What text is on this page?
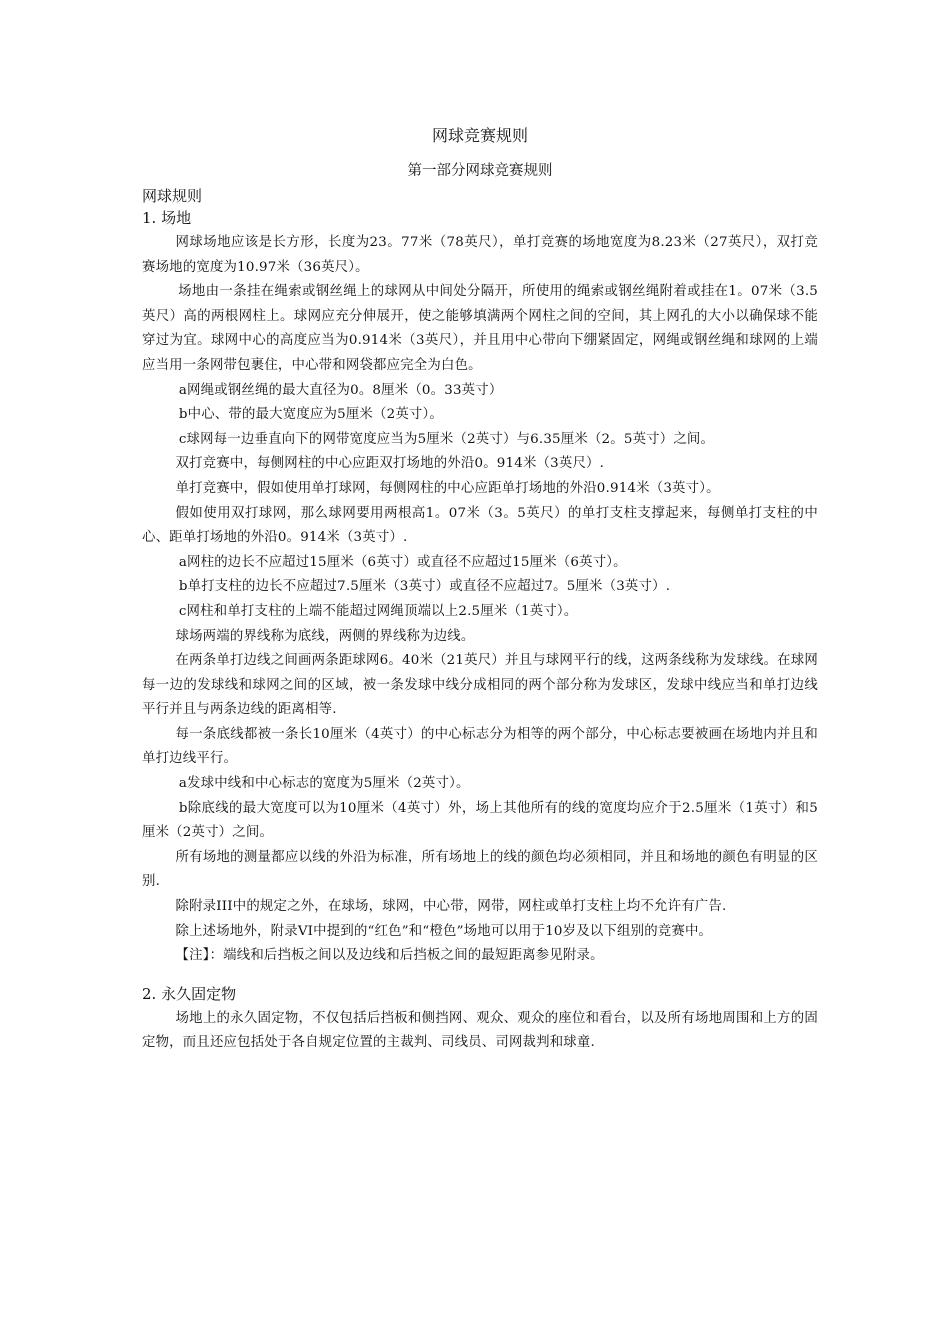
网球竞赛规则
第一部分网球竞赛规则
网球规则
1. 场地

网球场地应该是长方形，长度为23。77米（78英尺），单打竞赛的场地宽度为8.23米（27英尺），双打竞赛场地的宽度为10.97米（36英尺）。

场地由一条挂在绳索或钢丝绳上的球网从中间处分隔开，所使用的绳索或钢丝绳附着或挂在1。07米（3.5英尺）高的两根网柱上。球网应充分伸展开，使之能够填满两个网柱之间的空间，其上网孔的大小以确保球不能穿过为宜。球网中心的高度应当为0.914米（3英尺），并且用中心带向下绷紧固定，网绳或钢丝绳和球网的上端应当用一条网带包裹住，中心带和网袋都应完全为白色。

a网绳或钢丝绳的最大直径为0。8厘米（0。33英寸）

b中心、带的最大宽度应为5厘米（2英寸）。

c球网每一边垂直向下的网带宽度应当为5厘米（2英寸）与6.35厘米（2。5英寸）之间。

双打竞赛中，每侧网柱的中心应距双打场地的外沿0。914米（3英尺）.

单打竞赛中，假如使用单打球网，每侧网柱的中心应距单打场地的外沿0.914米（3英寸）。

假如使用双打球网，那么球网要用两根高1。07米（3。5英尺）的单打支柱支撑起来，每侧单打支柱的中心、距单打场地的外沿0。914米（3英寸）.

a网柱的边长不应超过15厘米（6英寸）或直径不应超过15厘米（6英寸）。

b单打支柱的边长不应超过7.5厘米（3英寸）或直径不应超过7。5厘米（3英寸）.

c网柱和单打支柱的上端不能超过网绳顶端以上2.5厘米（1英寸）。

球场两端的界线称为底线，两侧的界线称为边线。

在两条单打边线之间画两条距球网6。40米（21英尺）并且与球网平行的线，这两条线称为发球线。在球网每一边的发球线和球网之间的区域，被一条发球中线分成相同的两个部分称为发球区，发球中线应当和单打边线平行并且与两条边线的距离相等.

每一条底线都被一条长10厘米（4英寸）的中心标志分为相等的两个部分，中心标志要被画在场地内并且和单打边线平行。

a发球中线和中心标志的宽度为5厘米（2英寸）。

b除底线的最大宽度可以为10厘米（4英寸）外，场上其他所有的线的宽度均应介于2.5厘米（1英寸）和5厘米（2英寸）之间。

所有场地的测量都应以线的外沿为标准，所有场地上的线的颜色均必须相同，并且和场地的颜色有明显的区别.

除附录III中的规定之外，在球场，球网，中心带，网带，网柱或单打支柱上均不允许有广告.

除上述场地外，附录VI中提到的“红色”和“橙色”场地可以用于10岁及以下组别的竞赛中。

【注】：端线和后挡板之间以及边线和后挡板之间的最短距离参见附录。

2. 永久固定物

场地上的永久固定物，不仅包括后挡板和侧挡网、观众、观众的座位和看台，以及所有场地周围和上方的固定物，而且还应包括处于各自规定位置的主裁判、司线员、司网裁判和球童.
